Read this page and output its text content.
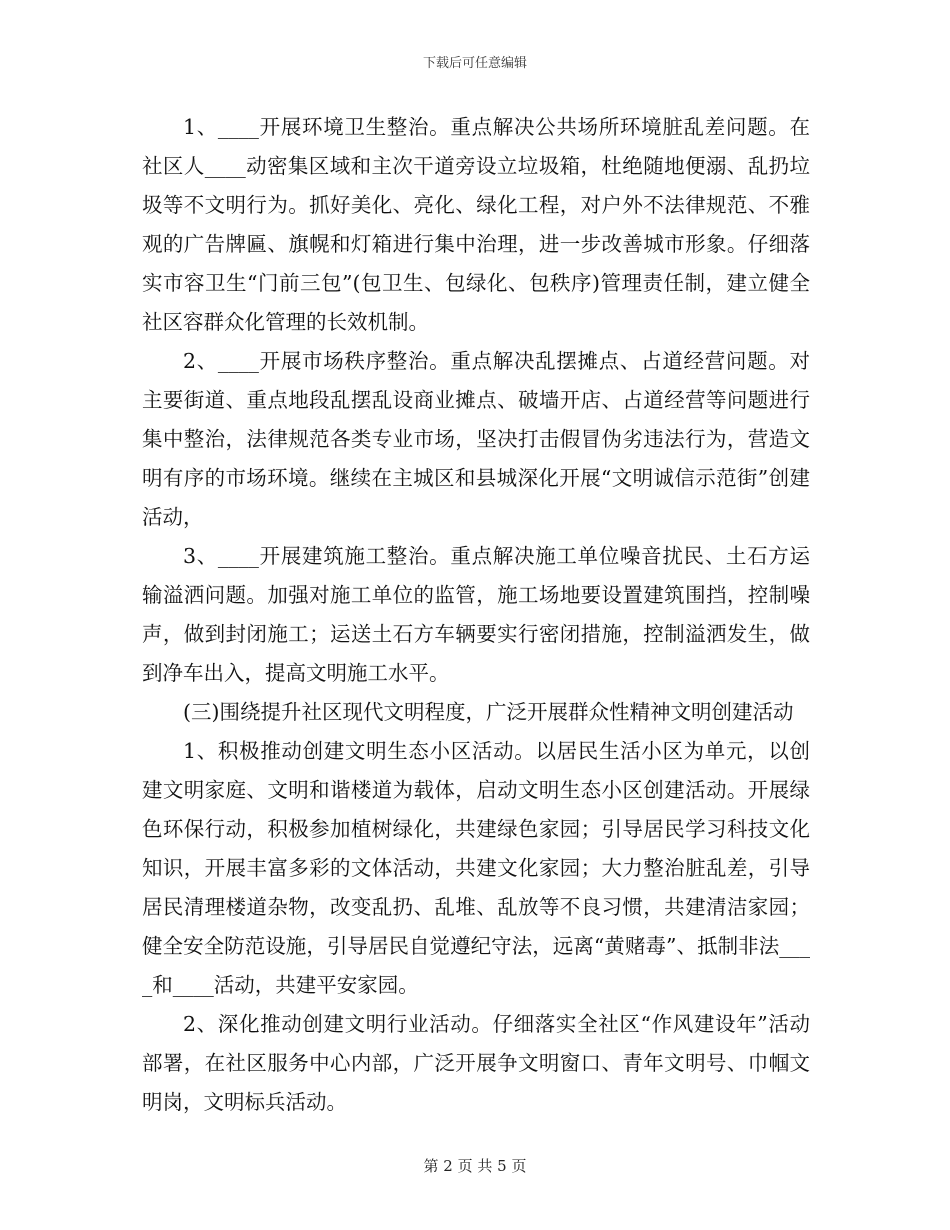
下载后可任意编辑

1、____开展环境卫生整治。重点解决公共场所环境脏乱差问题。在社区人____动密集区域和主次干道旁设立垃圾箱，杜绝随地便溺、乱扔垃圾等不文明行为。抓好美化、亮化、绿化工程，对户外不法律规范、不雅观的广告牌匾、旗幌和灯箱进行集中治理，进一步改善城市形象。仔细落实市容卫生“门前三包”(包卫生、包绿化、包秩序)管理责任制，建立健全社区容群众化管理的长效机制。

2、____开展市场秩序整治。重点解决乱摆摊点、占道经营问题。对主要街道、重点地段乱摆乱设商业摊点、破墙开店、占道经营等问题进行集中整治，法律规范各类专业市场，坚决打击假冒伪劣违法行为，营造文明有序的市场环境。继续在主城区和县城深化开展“文明诚信示范街”创建活动，

3、____开展建筑施工整治。重点解决施工单位噪音扰民、土石方运输溢洒问题。加强对施工单位的监管，施工场地要设置建筑围挡，控制噪声，做到封闭施工；运送土石方车辆要实行密闭措施，控制溢洒发生，做到净车出入，提高文明施工水平。

(三)围绕提升社区现代文明程度，广泛开展群众性精神文明创建活动

1、积极推动创建文明生态小区活动。以居民生活小区为单元，以创建文明家庭、文明和谐楼道为载体，启动文明生态小区创建活动。开展绿色环保行动，积极参加植树绿化，共建绿色家园；引导居民学习科技文化知识，开展丰富多彩的文体活动，共建文化家园；大力整治脏乱差，引导居民清理楼道杂物，改变乱扔、乱堆、乱放等不良习惯，共建清洁家园；健全安全防范设施，引导居民自觉遵纪守法，远离“黄赌毒”、抵制非法____和____活动，共建平安家园。

2、深化推动创建文明行业活动。仔细落实全社区“作风建设年”活动部署，在社区服务中心内部，广泛开展争文明窗口、青年文明号、巾帼文明岗，文明标兵活动。

第 2 页 共 5 页
